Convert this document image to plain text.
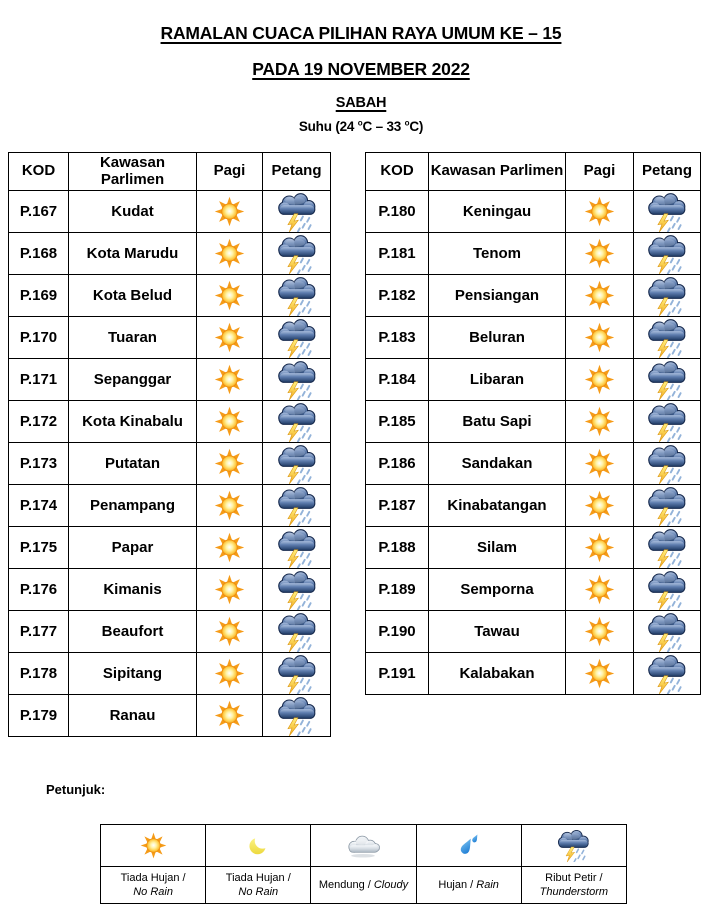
RAMALAN CUACA PILIHAN RAYA UMUM KE – 15
PADA 19 NOVEMBER 2022
SABAH
Suhu (24 $^o$C – 33 $^o$C)
KOD	Kawasan Parlimen	Pagi	Petang
P.167	Kudat	

P.168	Kota Marudu	

P.169	Kota Belud	

P.170	Tuaran	

P.171	Sepanggar	

P.172	Kota Kinabalu	

P.173	Putatan	

P.174	Penampang	

P.175	Papar	

P.176	Kimanis	

P.177	Beaufort	

P.178	Sipitang	

P.179	Ranau	

KOD	Kawasan Parlimen	Pagi	Petang
P.180	Keningau	

P.181	Tenom	

P.182	Pensiangan	

P.183	Beluran	

P.184	Libaran	

P.185	Batu Sapi	

P.186	Sandakan	

P.187	Kinabatangan	

P.188	Silam	

P.189	Semporna	

P.190	Tawau	

P.191	Kalabakan	

Petunjuk:

Tiada Hujan /
No Rain	Tiada Hujan /
No Rain	Mendung / Cloudy	Hujan / Rain	Ribut Petir /
Thunderstorm
